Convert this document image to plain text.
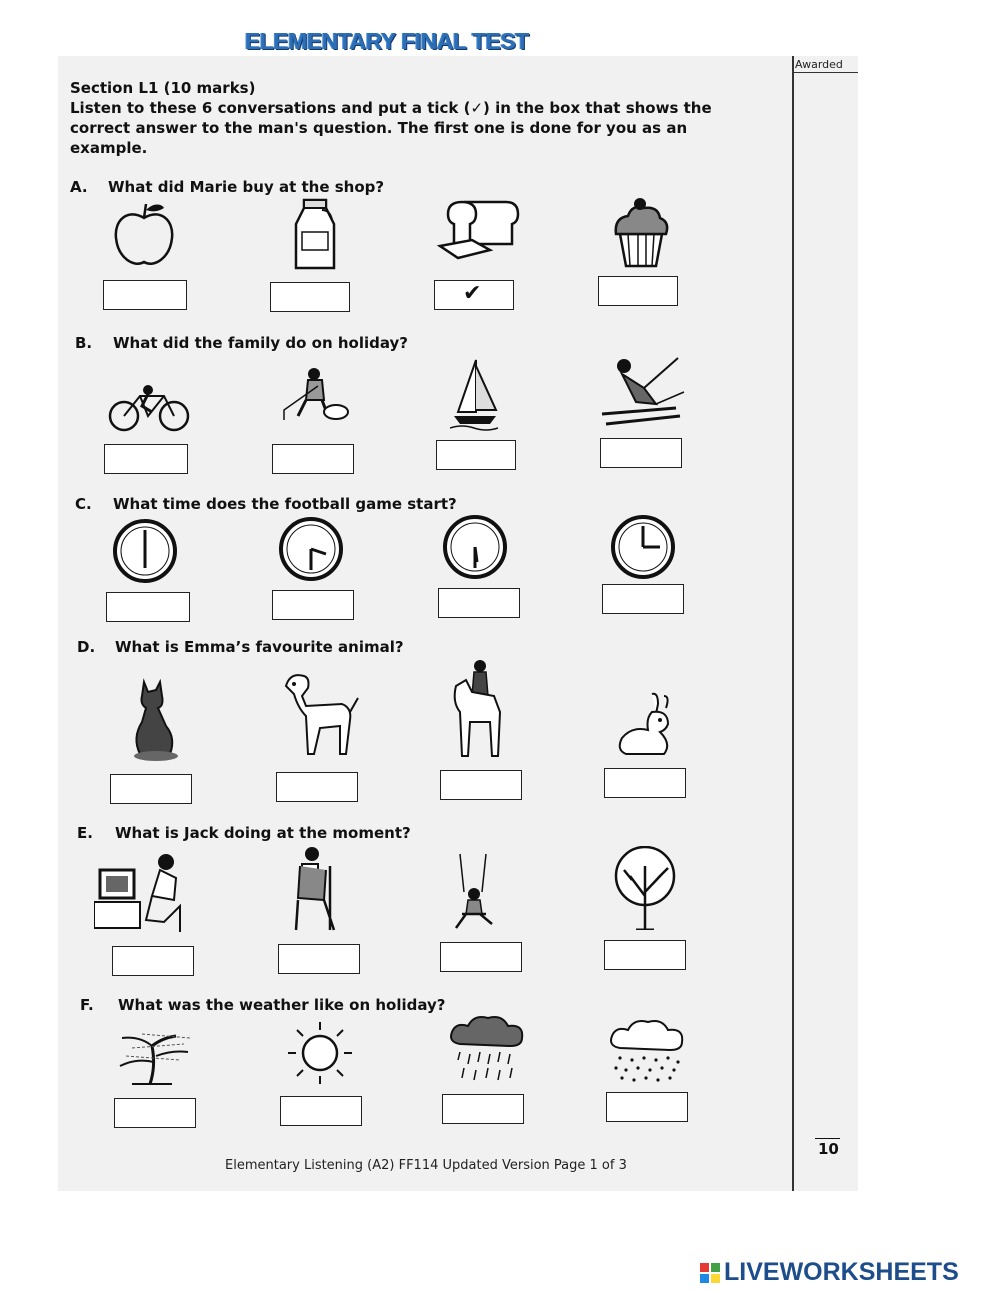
ELEMENTARY FINAL TEST

Awarded
10
Section L1 (10 marks)
Listen to these 6 conversations and put a tick (✓) in the box that shows the correct answer to the man's question. The first one is done for you as an example.
A. What did Marie buy at the shop?
B. What did the family do on holiday?
C. What time does the football game start?
D. What is Emma’s favourite animal?
E. What is Jack doing at the moment?
F. What was the weather like on holiday?
✔
Elementary Listening (A2) FF114 Updated Version Page 1 of 3
LIVEWORKSHEETS
